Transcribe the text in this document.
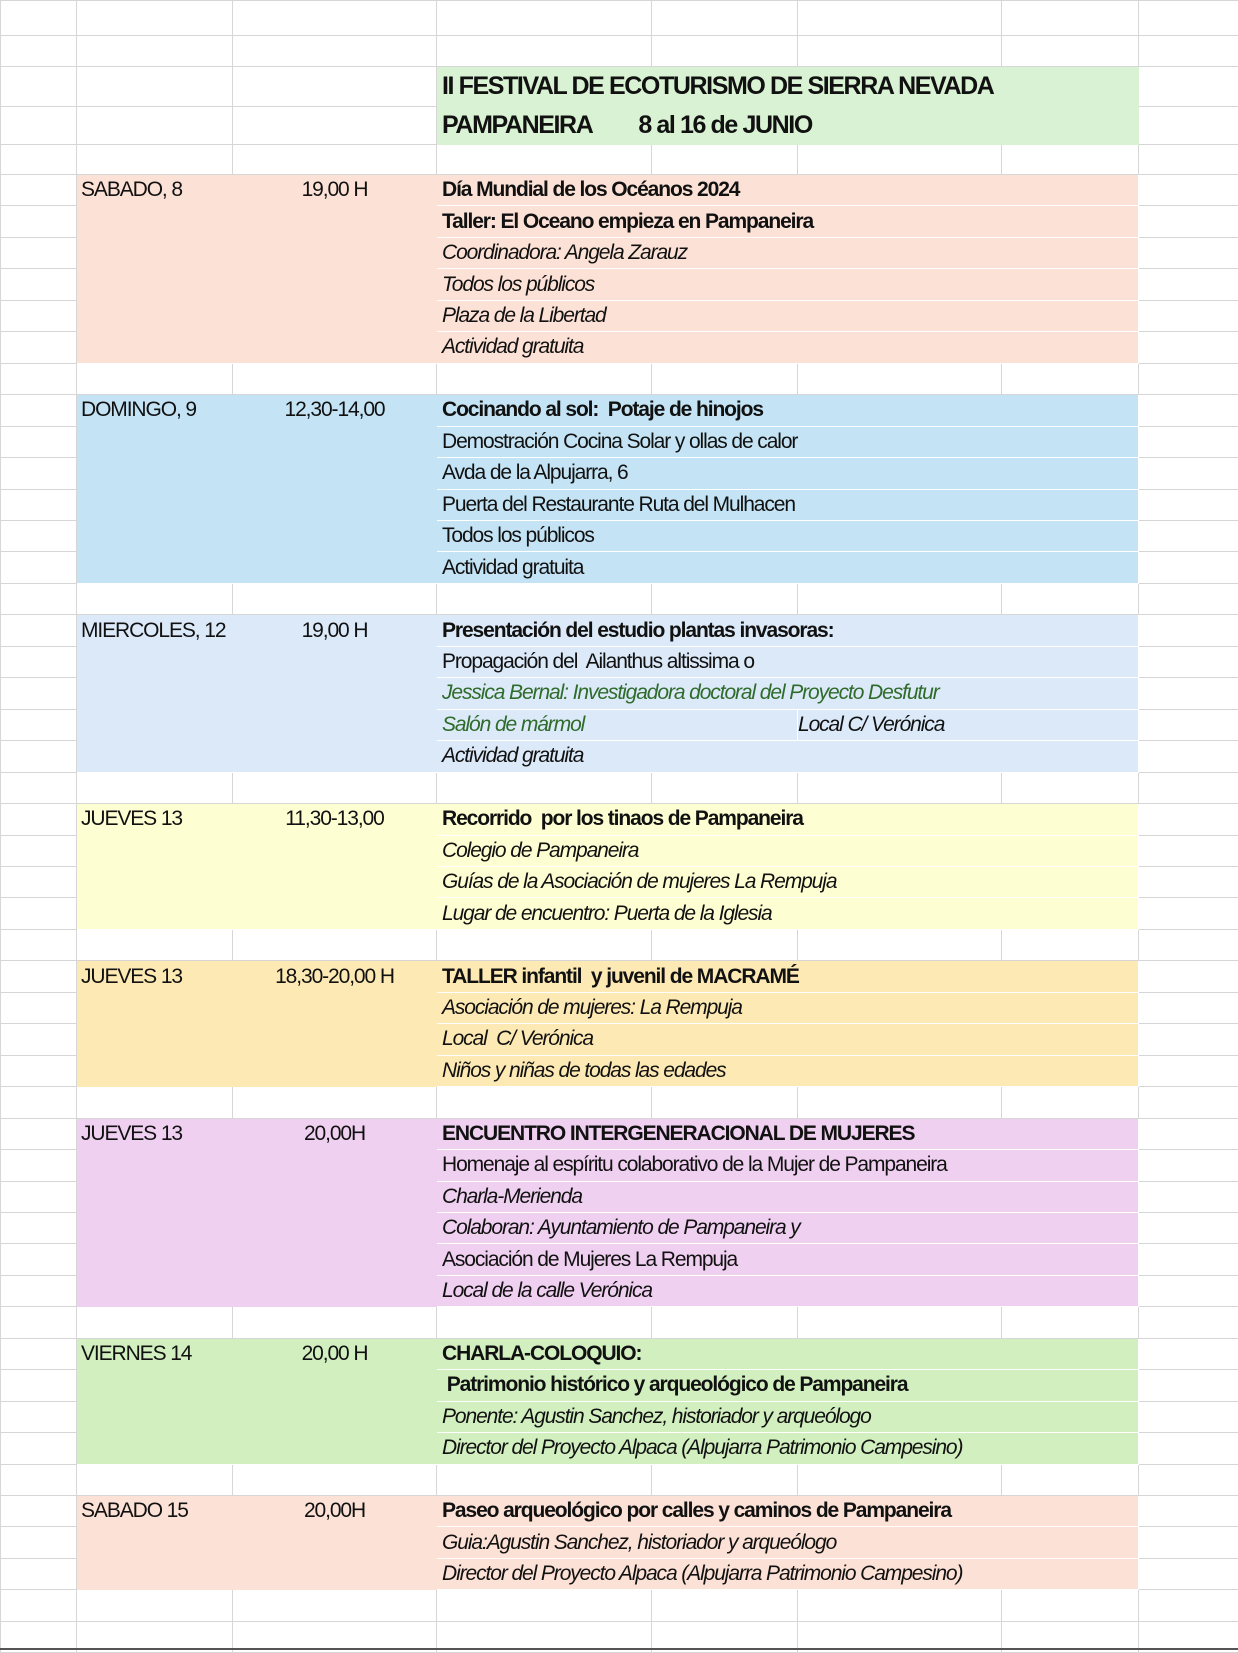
			II FESTIVAL DE ECOTURISMO DE SIERRA NEVADA				
			PAMPANEIRA 8 al 16 de JUNIO				

	SABADO, 8	19,00 H	Día Mundial de los Océanos 2024				
			Taller: El Oceano empieza en Pampaneira				
			Coordinadora: Angela Zarauz				
			Todos los públicos				
			Plaza de la Libertad				
			Actividad gratuita				

	DOMINGO, 9	12,30-14,00	Cocinando al sol:  Potaje de hinojos				
			Demostración Cocina Solar y ollas de calor				
			Avda de la Alpujarra, 6				
			Puerta del Restaurante Ruta del Mulhacen				
			Todos los públicos				
			Actividad gratuita				

	MIERCOLES, 12	19,00 H	Presentación del estudio plantas invasoras:				
			Propagación del  Ailanthus altissima o				
			Jessica Bernal: Investigadora doctoral del Proyecto Desfutur				
			Salón de mármol		Local C/ Verónica		
			Actividad gratuita				

	JUEVES 13	11,30-13,00	Recorrido  por los tinaos de Pampaneira				
			Colegio de Pampaneira				
			Guías de la Asociación de mujeres La Rempuja				
			Lugar de encuentro: Puerta de la Iglesia				

	JUEVES 13	18,30-20,00 H	TALLER infantil  y juvenil de MACRAMÉ				
			Asociación de mujeres: La Rempuja				
			Local  C/ Verónica				
			Niños y niñas de todas las edades				

	JUEVES 13	20,00H	ENCUENTRO INTERGENERACIONAL DE MUJERES				
			Homenaje al espíritu colaborativo de la Mujer de Pampaneira				
			Charla-Merienda				
			Colaboran: Ayuntamiento de Pampaneira y				
			Asociación de Mujeres La Rempuja				
			Local de la calle Verónica				

	VIERNES 14	20,00 H	CHARLA-COLOQUIO:				
			Patrimonio histórico y arqueológico de Pampaneira				
			Ponente: Agustin Sanchez, historiador y arqueólogo				
			Director del Proyecto Alpaca (Alpujarra Patrimonio Campesino)				

	SABADO 15	20,00H	Paseo arqueológico por calles y caminos de Pampaneira				
			Guia:Agustin Sanchez, historiador y arqueólogo				
			Director del Proyecto Alpaca (Alpujarra Patrimonio Campesino)				
